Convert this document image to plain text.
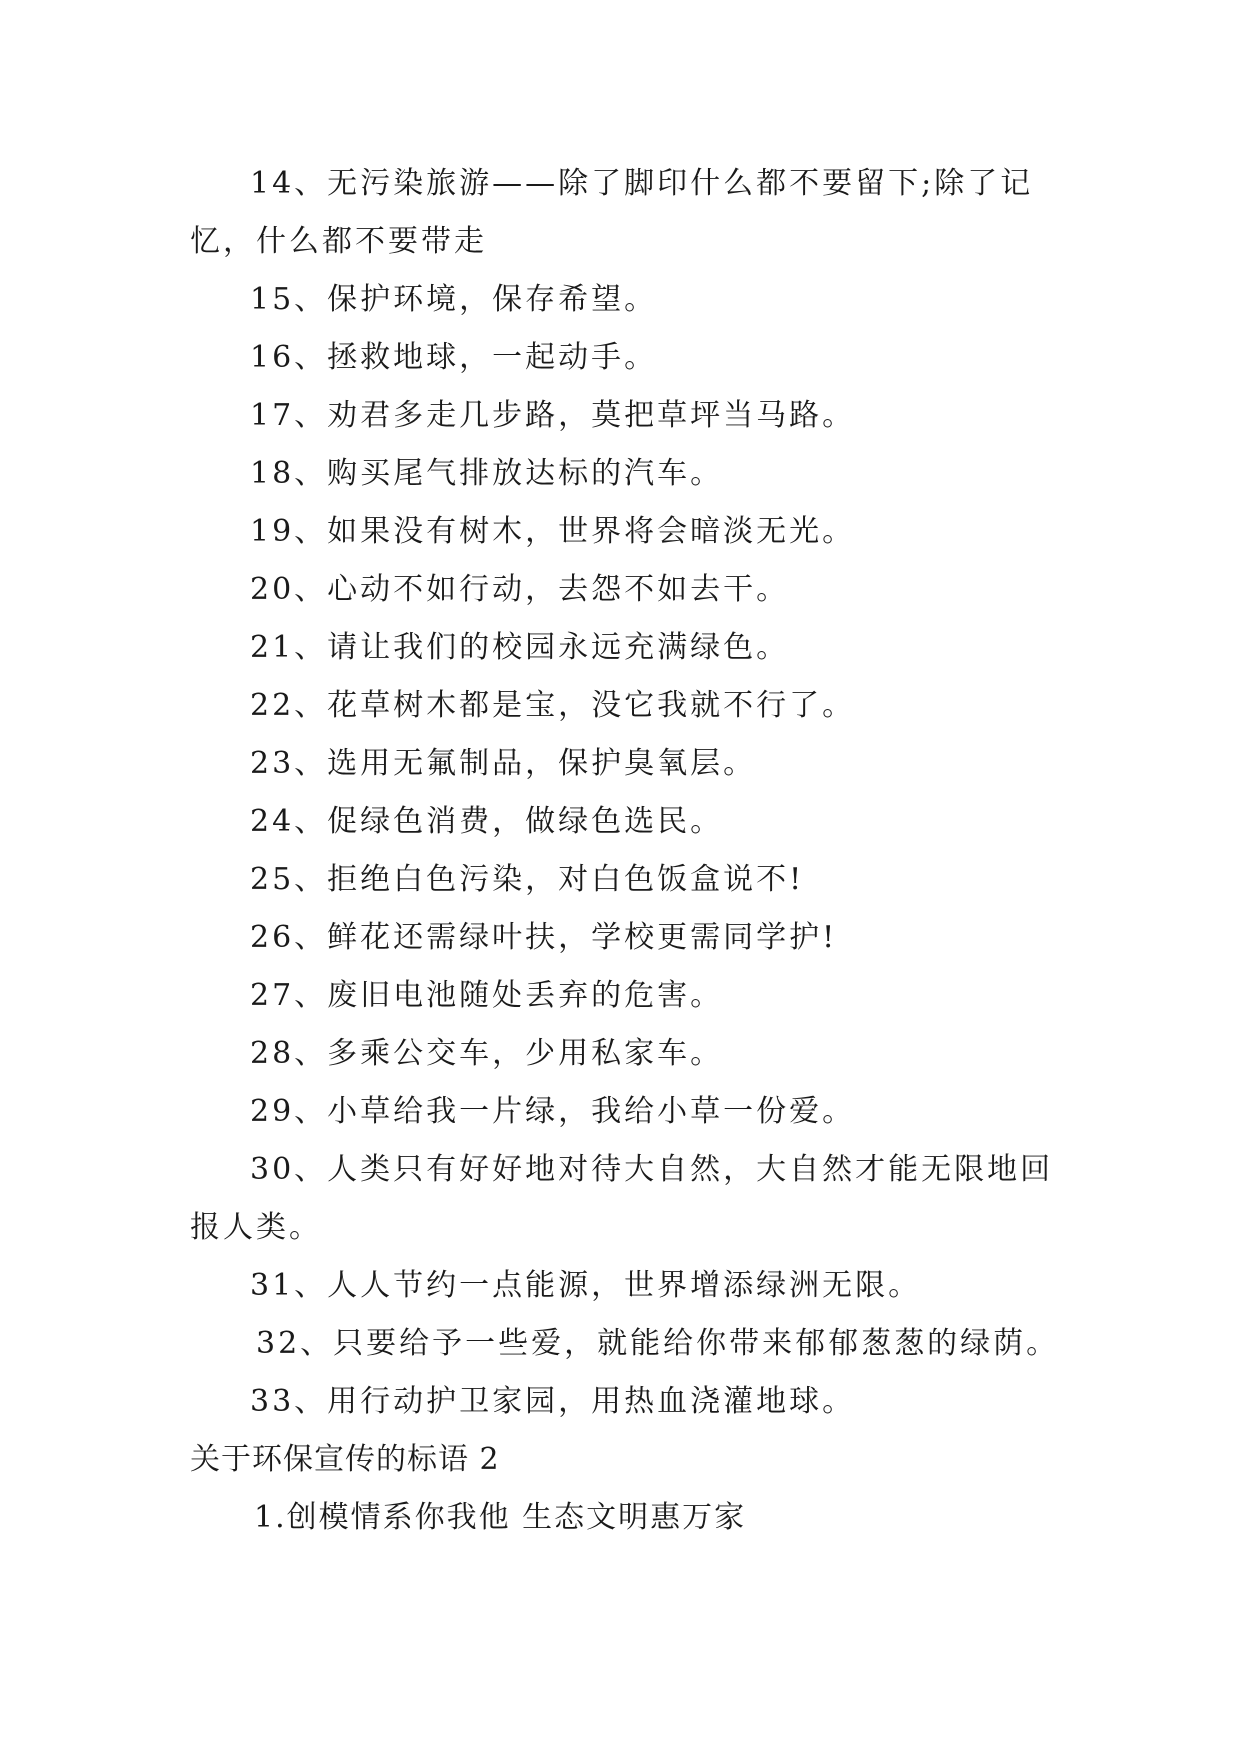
14、无污染旅游——除了脚印什么都不要留下;除了记
忆，什么都不要带走
15、保护环境，保存希望。
16、拯救地球，一起动手。
17、劝君多走几步路，莫把草坪当马路。
18、购买尾气排放达标的汽车。
19、如果没有树木，世界将会暗淡无光。
20、心动不如行动，去怨不如去干。
21、请让我们的校园永远充满绿色。
22、花草树木都是宝，没它我就不行了。
23、选用无氟制品，保护臭氧层。
24、促绿色消费，做绿色选民。
25、拒绝白色污染，对白色饭盒说不!
26、鲜花还需绿叶扶，学校更需同学护!
27、废旧电池随处丢弃的危害。
28、多乘公交车，少用私家车。
29、小草给我一片绿，我给小草一份爱。
30、人类只有好好地对待大自然，大自然才能无限地回
报人类。
31、人人节约一点能源，世界增添绿洲无限。
32、只要给予一些爱，就能给你带来郁郁葱葱的绿荫。
33、用行动护卫家园，用热血浇灌地球。
关于环保宣传的标语 2
1.创模情系你我他 生态文明惠万家
